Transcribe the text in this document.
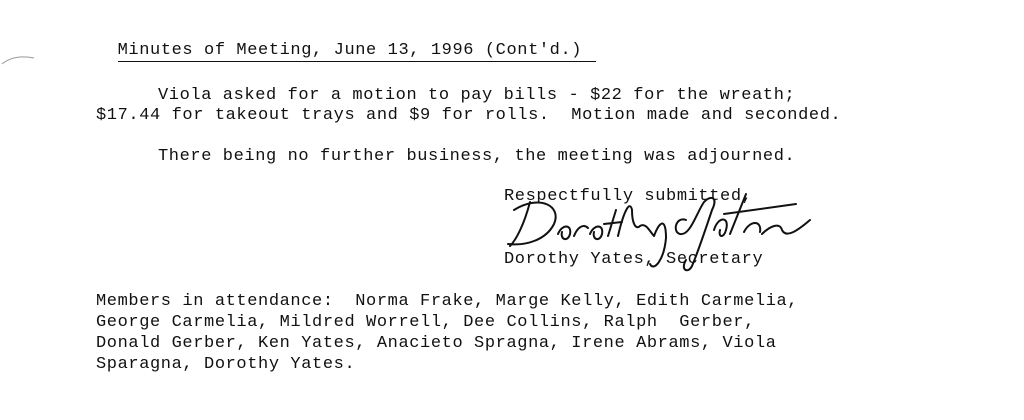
Minutes of Meeting, June 13, 1996 (Cont'd.)

Viola asked for a motion to pay bills - $22 for the wreath;
$17.44 for takeout trays and $9 for rolls.  Motion made and seconded.
There being no further business, the meeting was adjourned.
Respectfully submitted,
Dorothy Yates, Secretary
Members in attendance:  Norma Frake, Marge Kelly, Edith Carmelia,
George Carmelia, Mildred Worrell, Dee Collins, Ralph  Gerber,
Donald Gerber, Ken Yates, Anacieto Spragna, Irene Abrams, Viola
Sparagna, Dorothy Yates.
